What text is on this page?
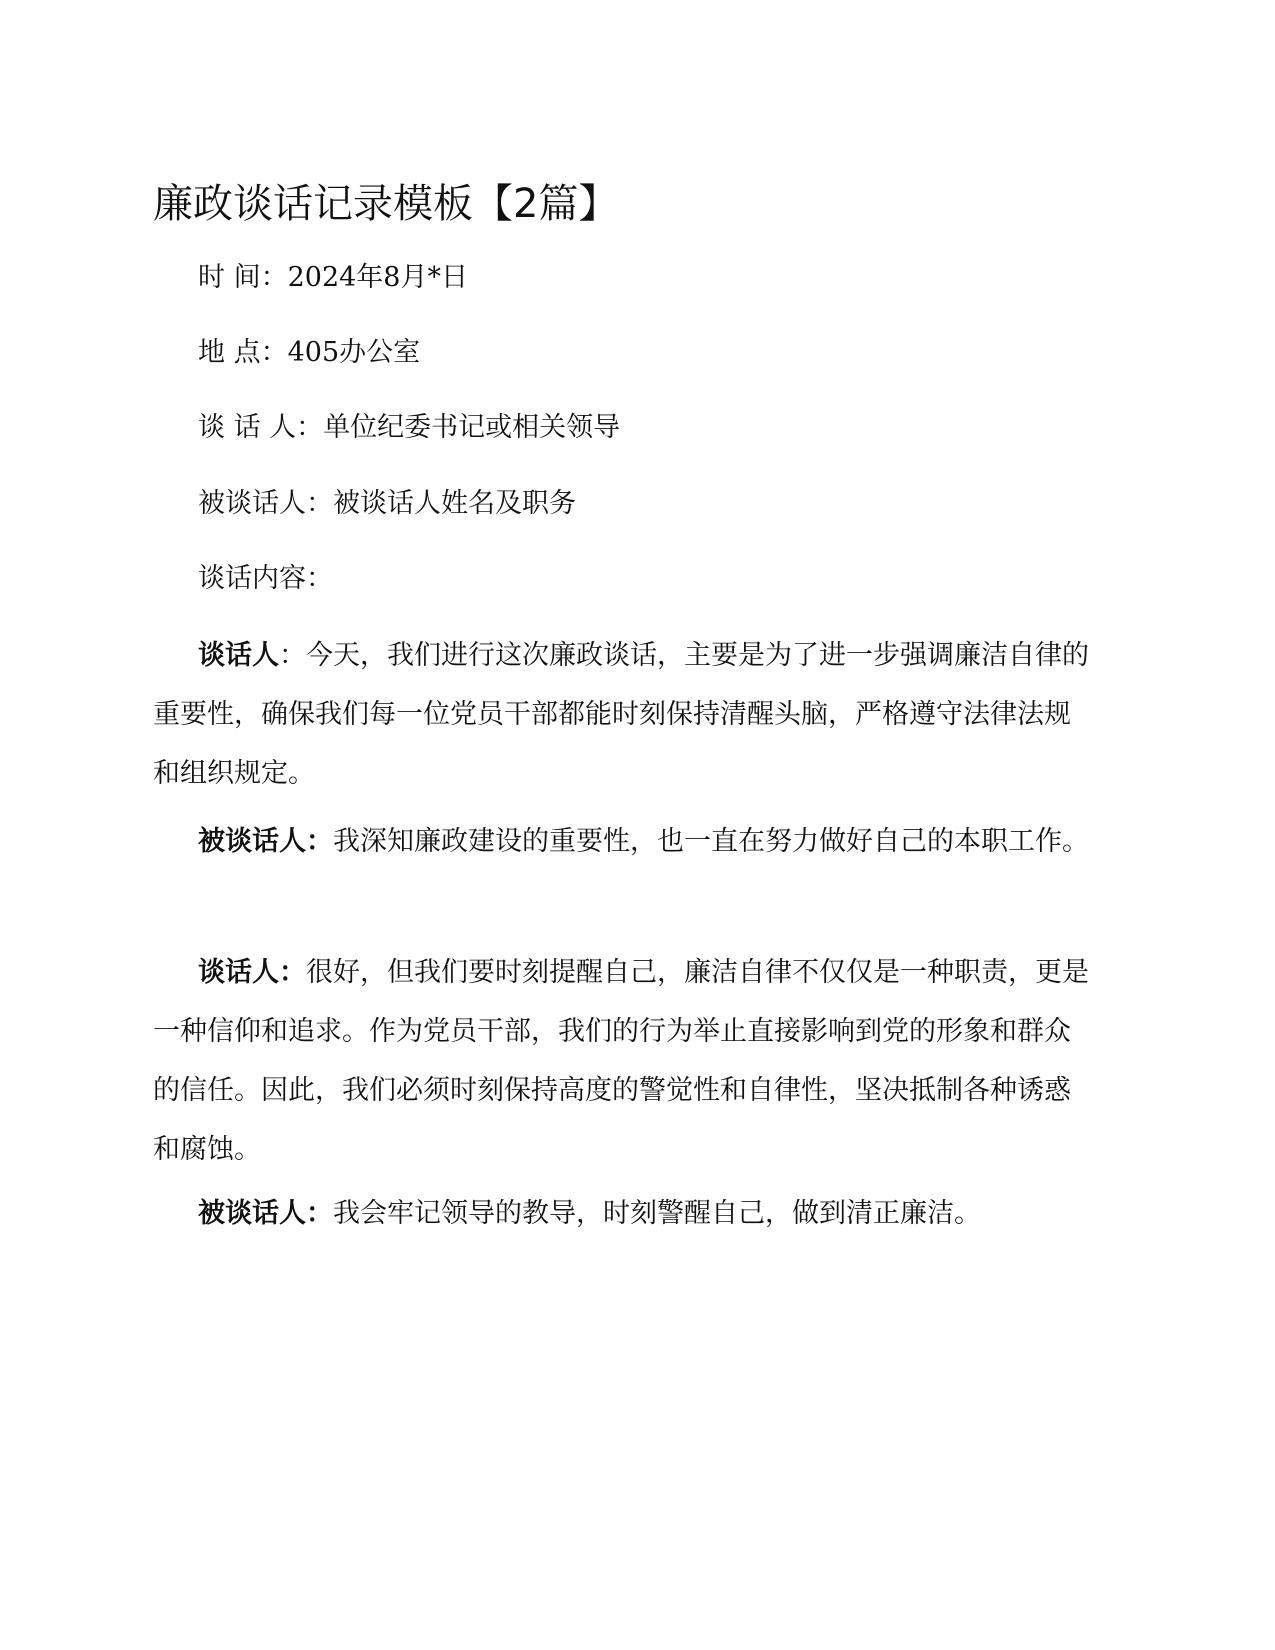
廉政谈话记录模板【2篇】
时 间：2024年8月*日
地 点：405办公室
谈 话 人：单位纪委书记或相关领导
被谈话人：被谈话人姓名及职务
谈话内容：

谈话人：今天，我们进行这次廉政谈话，主要是为了进一步强调廉洁自律的重要性，确保我们每一位党员干部都能时刻保持清醒头脑，严格遵守法律法规和组织规定。

被谈话人：我深知廉政建设的重要性，也一直在努力做好自己的本职工作。

谈话人：很好，但我们要时刻提醒自己，廉洁自律不仅仅是一种职责，更是一种信仰和追求。作为党员干部，我们的行为举止直接影响到党的形象和群众的信任。因此，我们必须时刻保持高度的警觉性和自律性，坚决抵制各种诱惑和腐蚀。

被谈话人：我会牢记领导的教导，时刻警醒自己，做到清正廉洁。
